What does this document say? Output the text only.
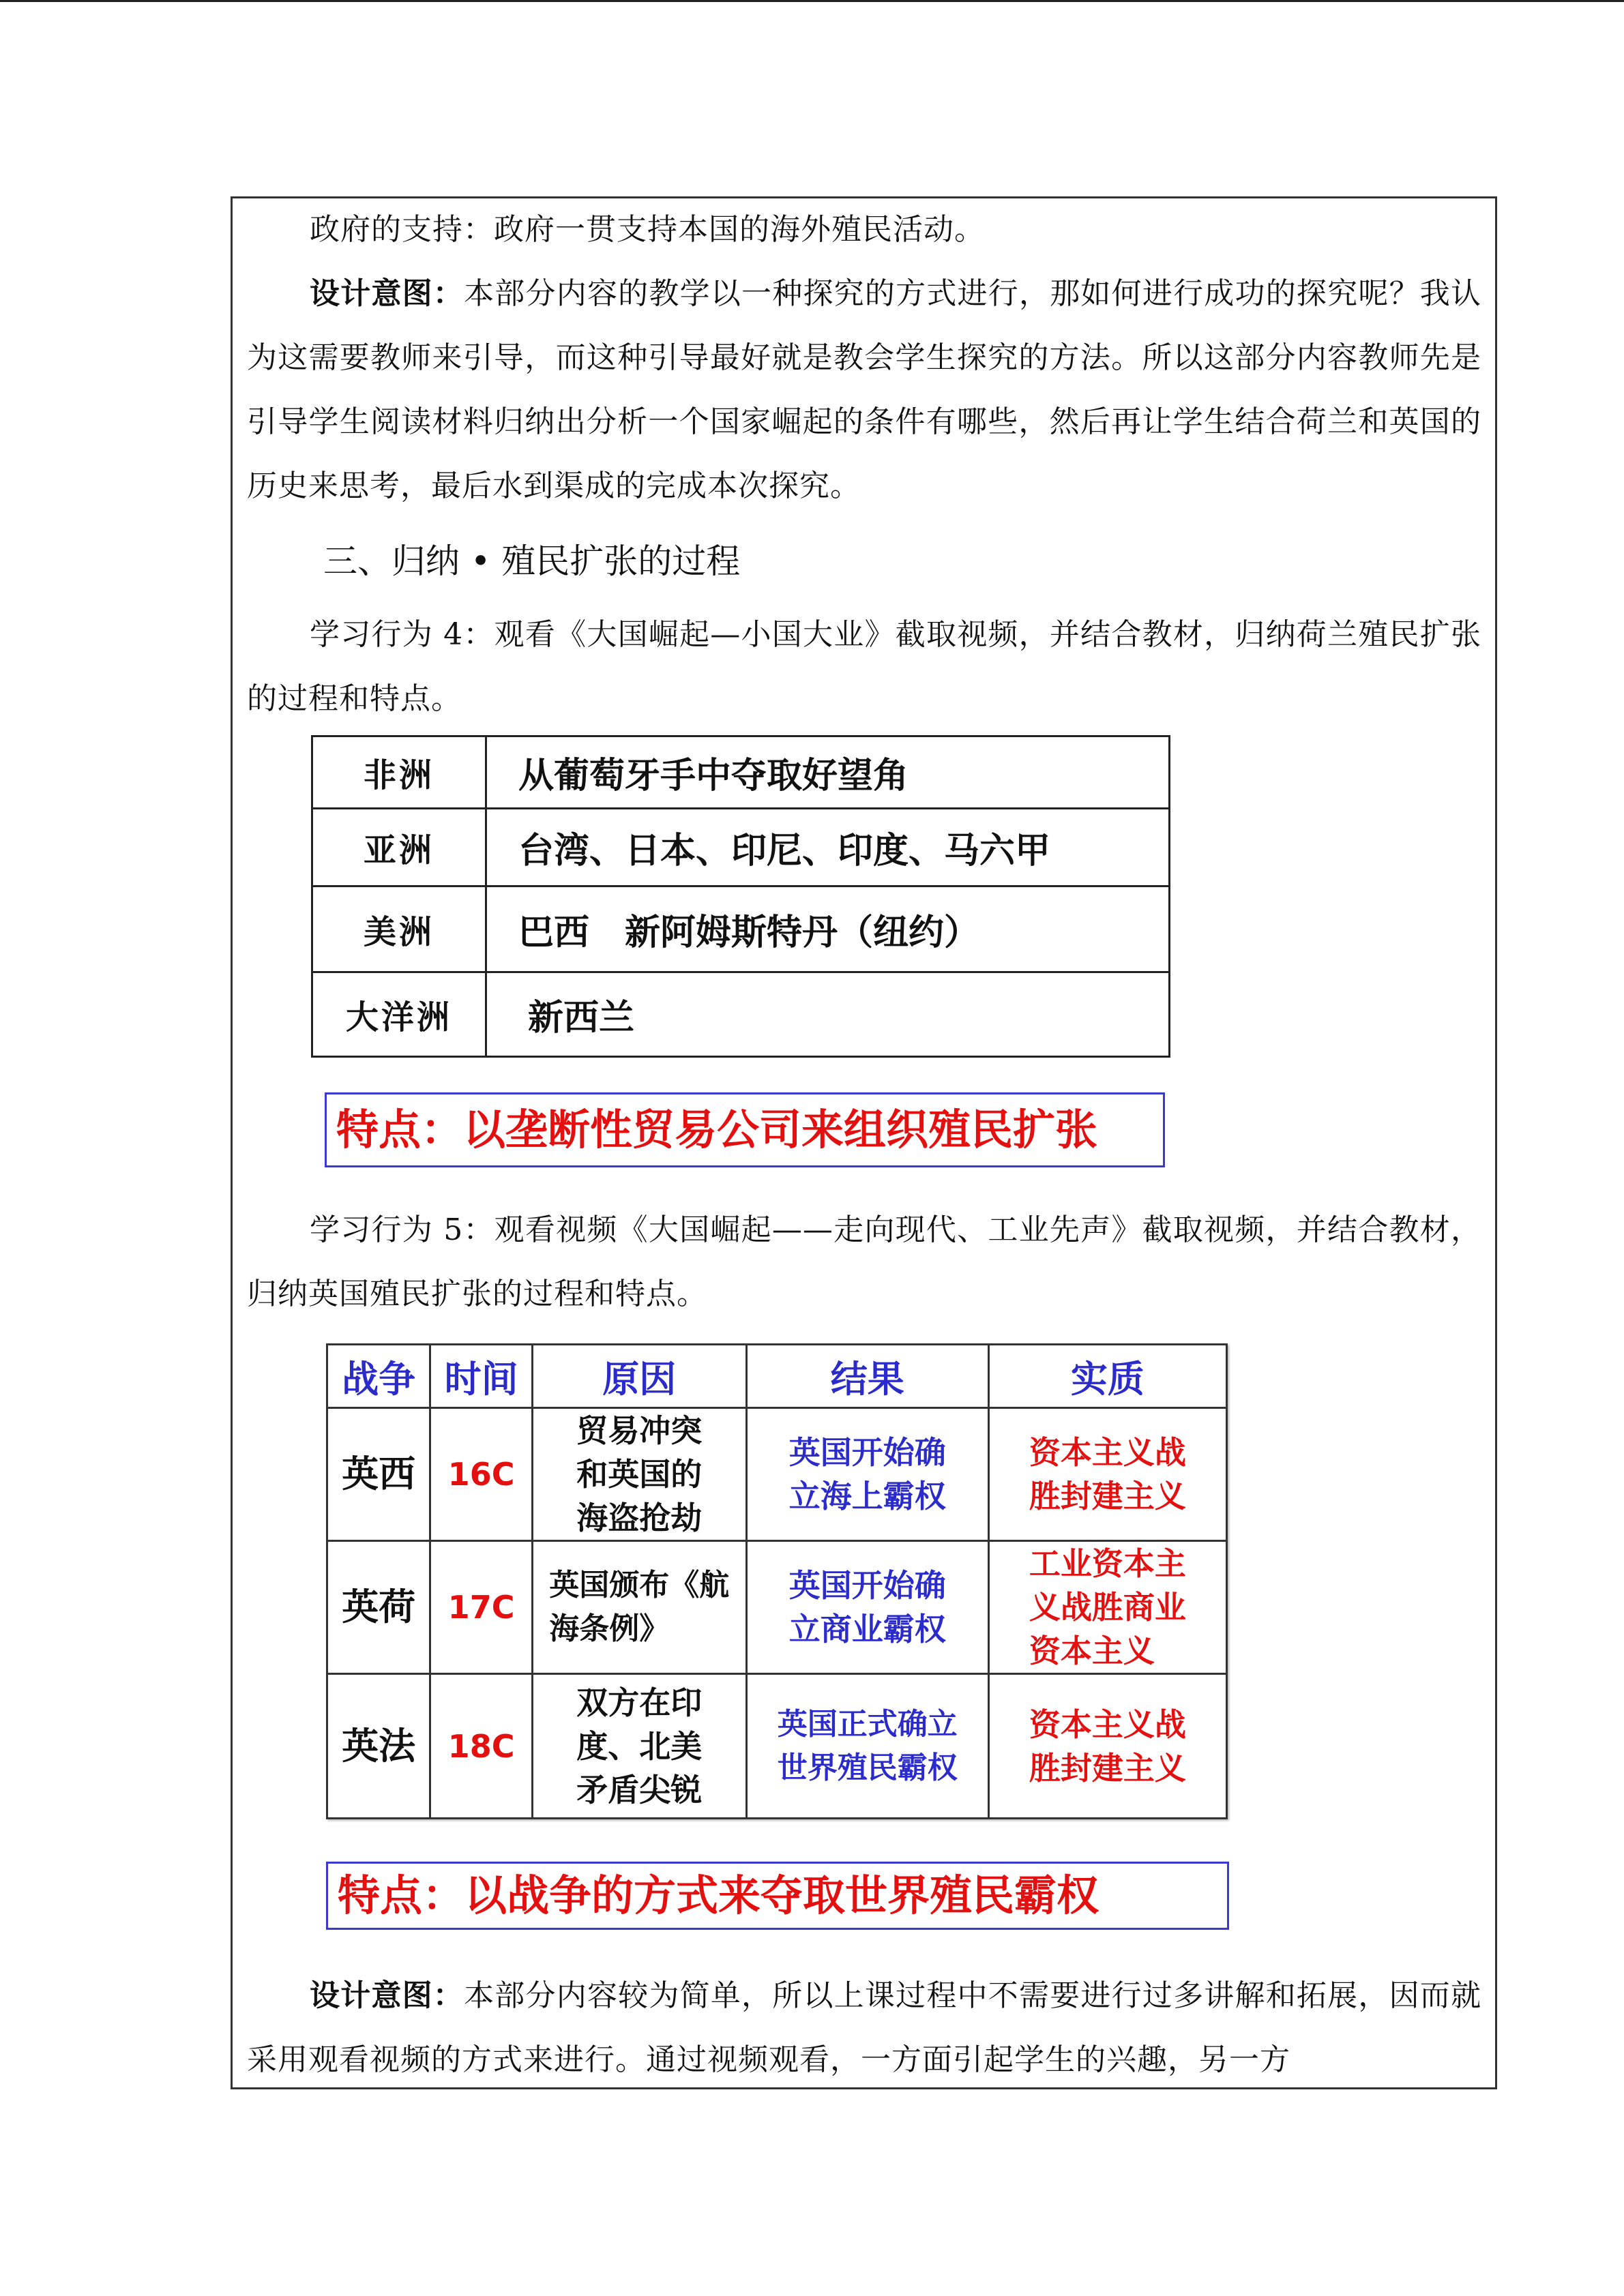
政府的支持：政府一贯支持本国的海外殖民活动。

设计意图：本部分内容的教学以一种探究的方式进行，那如何进行成功的探究呢？我认为这需要教师来引导，而这种引导最好就是教会学生探究的方法。所以这部分内容教师先是引导学生阅读材料归纳出分析一个国家崛起的条件有哪些，然后再让学生结合荷兰和英国的历史来思考，最后水到渠成的完成本次探究。

三、归纳 • 殖民扩张的过程

学习行为 4：观看《大国崛起—小国大业》截取视频，并结合教材，归纳荷兰殖民扩张的过程和特点。

非洲	从葡萄牙手中夺取好望角
亚洲	台湾、日本、印尼、印度、马六甲
美洲	巴西　新阿姆斯特丹（纽约）
大洋洲	新西兰
特点：以垄断性贸易公司来组织殖民扩张

学习行为 5：观看视频《大国崛起——走向现代、工业先声》截取视频，并结合教材，归纳英国殖民扩张的过程和特点。

战争	时间	原因	结果	实质
英西	16C	贸易冲突和英国的海盗抢劫	英国开始确立海上霸权	资本主义战胜封建主义

英荷	17C	英国颁布《航海条例》	英国开始确立商业霸权	工业资本主义战胜商业资本主义

英法	18C	双方在印度、北美矛盾尖锐	英国正式确立世界殖民霸权	资本主义战胜封建主义
特点：以战争的方式来夺取世界殖民霸权

设计意图：本部分内容较为简单，所以上课过程中不需要进行过多讲解和拓展，因而就采用观看视频的方式来进行。通过视频观看，一方面引起学生的兴趣，另一方
